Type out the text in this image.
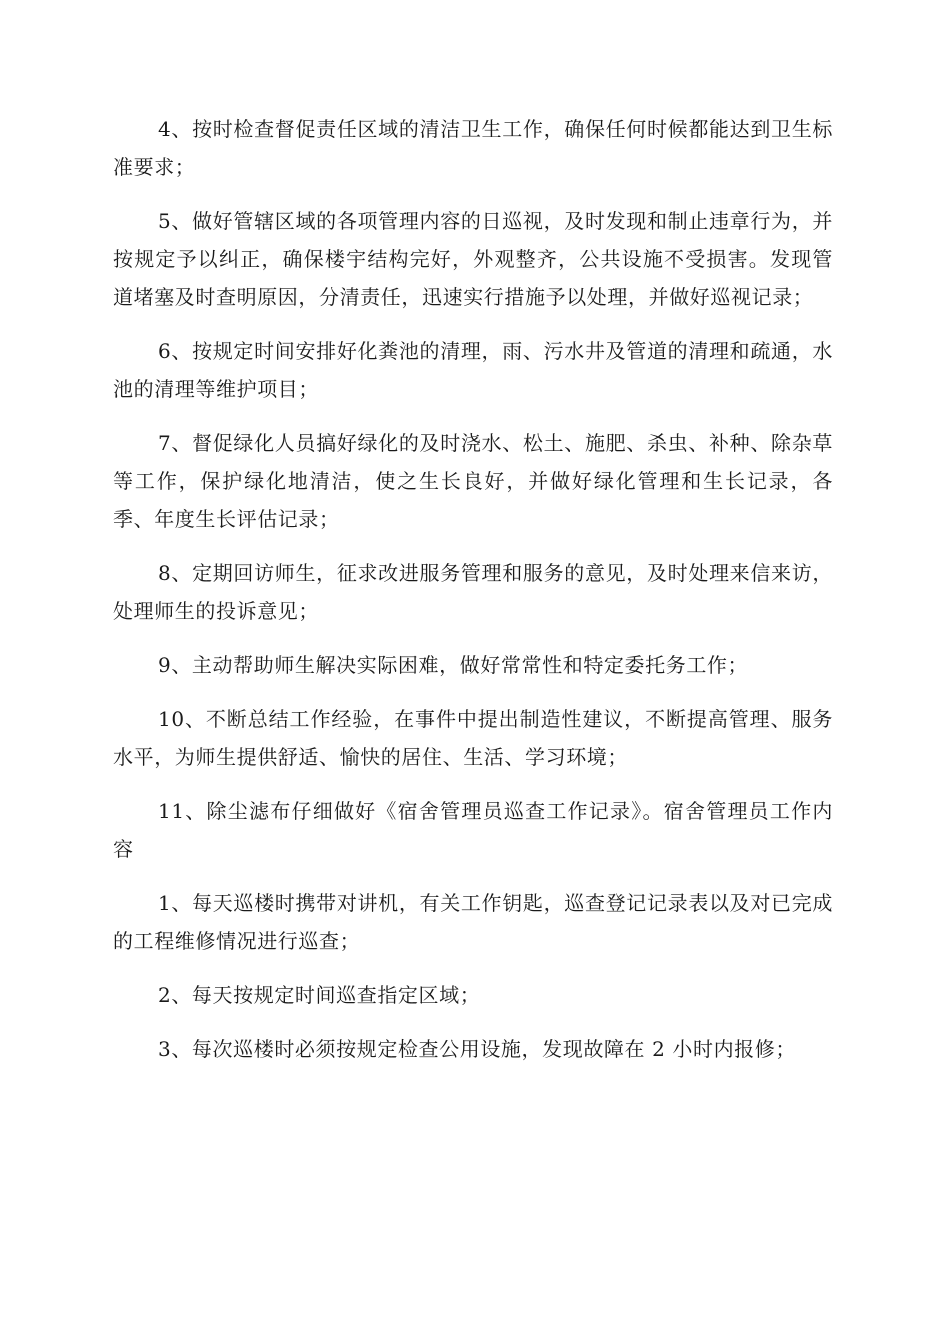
4、按时检查督促责任区域的清洁卫生工作，确保任何时候都能达到卫生标准要求；

5、做好管辖区域的各项管理内容的日巡视，及时发现和制止违章行为，并按规定予以纠正，确保楼宇结构完好，外观整齐，公共设施不受损害。发现管道堵塞及时查明原因，分清责任，迅速实行措施予以处理，并做好巡视记录；

6、按规定时间安排好化粪池的清理，雨、污水井及管道的清理和疏通，水池的清理等维护项目；

7、督促绿化人员搞好绿化的及时浇水、松土、施肥、杀虫、补种、除杂草等工作，保护绿化地清洁，使之生长良好，并做好绿化管理和生长记录，各季、年度生长评估记录；

8、定期回访师生，征求改进服务管理和服务的意见，及时处理来信来访，处理师生的投诉意见；

9、主动帮助师生解决实际困难，做好常常性和特定委托务工作；

10、不断总结工作经验，在事件中提出制造性建议，不断提高管理、服务水平，为师生提供舒适、愉快的居住、生活、学习环境；

11、除尘滤布仔细做好《宿舍管理员巡查工作记录》。宿舍管理员工作内容

1、每天巡楼时携带对讲机，有关工作钥匙，巡查登记记录表以及对已完成的工程维修情况进行巡查；

2、每天按规定时间巡查指定区域；

3、每次巡楼时必须按规定检查公用设施，发现故障在 2 小时内报修；
